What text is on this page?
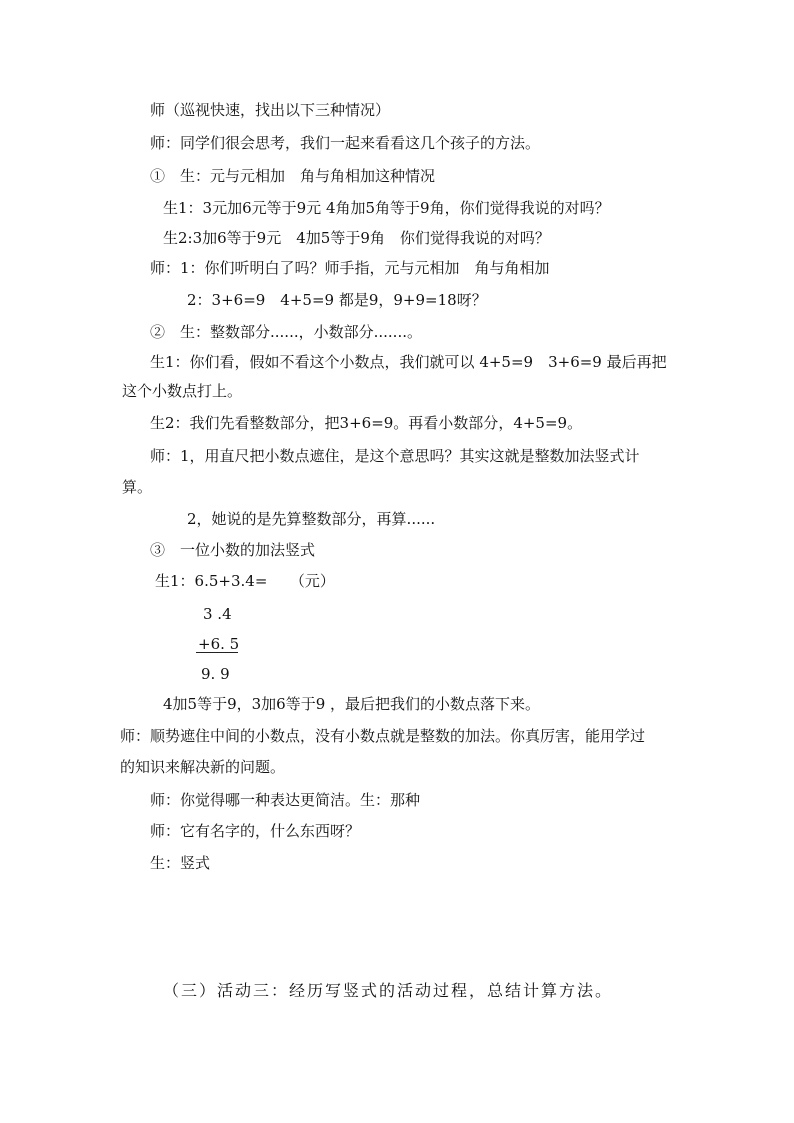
师（巡视快速，找出以下三种情况）

师：同学们很会思考，我们一起来看看这几个孩子的方法。

①　生：元与元相加　角与角相加这种情况

生1：3元加6元等于9元 4角加5角等于9角，你们觉得我说的对吗？

生2:3加6等于9元　4加5等于9角　你们觉得我说的对吗？

师：1：你们听明白了吗？师手指，元与元相加　角与角相加

2：3+6=9　4+5=9 都是9，9+9=18呀？

②　生：整数部分......，小数部分.......。

生1：你们看，假如不看这个小数点，我们就可以 4+5=9　3+6=9 最后再把

这个小数点打上。

生2：我们先看整数部分，把3+6=9。再看小数部分，4+5=9。

师：1，用直尺把小数点遮住，是这个意思吗？其实这就是整数加法竖式计

算。

2，她说的是先算整数部分，再算......

③　一位小数的加法竖式

生1：6.5+3.4=　　（元）

3 .4

+6. 5

9. 9

4加5等于9，3加6等于9 ，最后把我们的小数点落下来。

师：顺势遮住中间的小数点，没有小数点就是整数的加法。你真厉害，能用学过

的知识来解决新的问题。

师：你觉得哪一种表达更简洁。生：那种

师：它有名字的，什么东西呀？

生：竖式

（三）活动三：经历写竖式的活动过程，总结计算方法。
